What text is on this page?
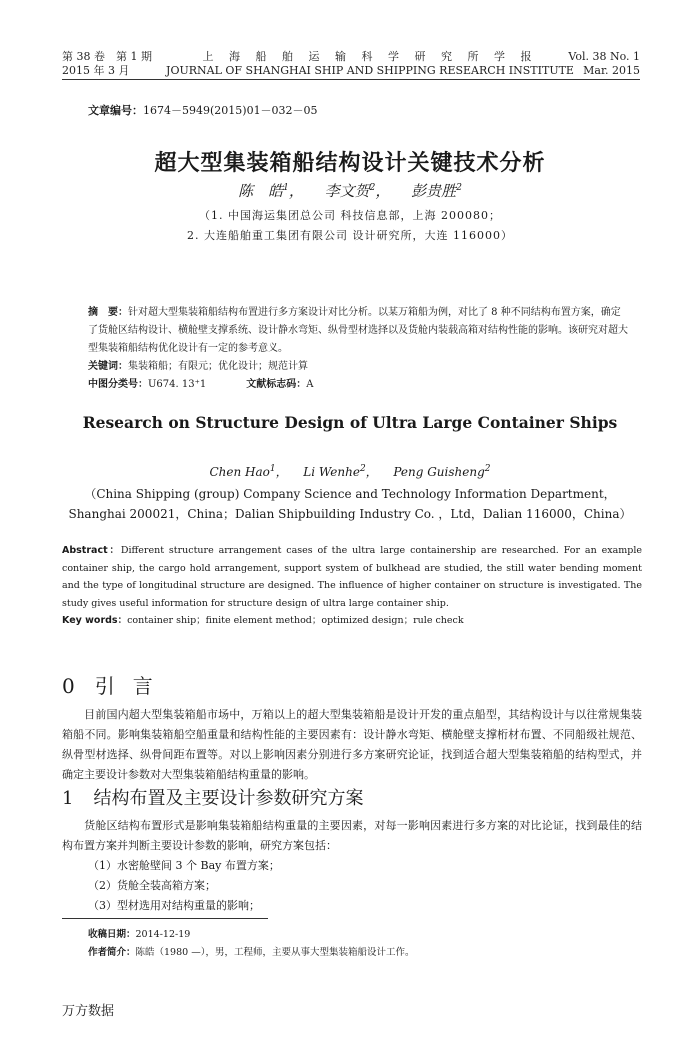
第 38 卷　第 1 期
2015 年 3 月
上 海 船 舶 运 输 科 学 研 究 所 学 报
JOURNAL OF SHANGHAI SHIP AND SHIPPING RESEARCH INSTITUTE
Vol. 38 No. 1
Mar. 2015
文章编号：1674－5949(2015)01－032－05
超大型集装箱船结构设计关键技术分析
陈　皓$^1$， 李文贺$^2$， 彭贵胜$^2$
（1. 中国海运集团总公司 科技信息部，上海 200080；
2. 大连船舶重工集团有限公司 设计研究所，大连 116000）
摘　要：针对超大型集装箱船结构布置进行多方案设计对比分析。以某万箱船为例，对比了 8 种不同结构布置方案，确定了货舱区结构设计、横舱壁支撑系统、设计静水弯矩、纵骨型材选择以及货舱内装载高箱对结构性能的影响。该研究对超大型集装箱船结构优化设计有一定的参考意义。
关键词：集装箱船；有限元；优化设计；规范计算
中图分类号：U674. 13⁺1	文献标志码：A
Research on Structure Design of Ultra Large Container Ships
Chen Hao$^1$， Li Wenhe$^2$， Peng Guisheng$^2$
（China Shipping (group) Company Science and Technology Information Department，
Shanghai 200021，China；Dalian Shipbuilding Industry Co. ，Ltd，Dalian 116000，China）
Abstract：Different structure arrangement cases of the ultra large containership are researched. For an example container ship, the cargo hold arrangement, support system of bulkhead are studied, the still water bending moment and the type of longitudinal structure are designed. The influence of higher container on structure is investigated. The study gives useful information for structure design of ultra large container ship.
Key words：container ship；finite element method；optimized design；rule check
0 引言
目前国内超大型集装箱船市场中，万箱以上的超大型集装箱船是设计开发的重点船型，其结构设计与以往常规集装箱船不同。影响集装箱船空船重量和结构性能的主要因素有：设计静水弯矩、横舱壁支撑桁材布置、不同船级社规范、纵骨型材选择、纵骨间距布置等。对以上影响因素分别进行多方案研究论证，找到适合超大型集装箱船的结构型式，并确定主要设计参数对大型集装箱船结构重量的影响。
1 结构布置及主要设计参数研究方案
货舱区结构布置形式是影响集装箱船结构重量的主要因素，对每一影响因素进行多方案的对比论证，找到最佳的结构布置方案并判断主要设计参数的影响，研究方案包括：
（1）水密舱壁间 3 个 Bay 布置方案；
（2）货舱全装高箱方案；
（3）型材选用对结构重量的影响；
收稿日期：2014-12-19
作者简介：陈皓（1980 —），男，工程师，主要从事大型集装箱船设计工作。
万方数据
